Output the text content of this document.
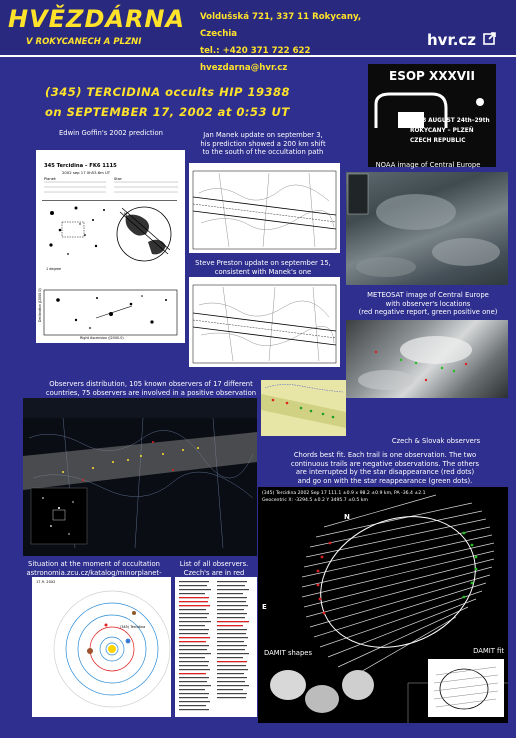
HVĚZDÁRNA
V ROKYCANECH A PLZNI
Voldušská 721, 337 11 Rokycany, Czechia
tel.: +420 371 722 622  hvezdarna@hvr.cz
hvr.cz
(345) TERCIDINA occults HIP 19388
on SEPTEMBER 17, 2002 at 0:53 UT
ESOP XXXVII
2018 AUGUST 24th–29th
ROKYCANY – PLZEŇ
CZECH REPUBLIC
Edwin Goffin's 2002 prediction
345 Tercidina – FK6 1115
2002 sep 17 0h53.6m UT
Planet:	Star:
N
1 degree
Right Ascension (J2000.0)
Declination (J2000.0)
Jan Manek update on september 3,
his prediction showed a 200 km shift
to the south of the occultation path
Steve Preston update on september 15,
consistent with Manek's one
NOAA image of Central Europe
METEOSAT image of Central Europe
with observer's locations
(red negative report, green positive one)
Observers distribution, 105 known observers of 17 different
countries, 75 observers are involved in a positive observation
Czech & Slovak observers
Chords best fit. Each trail is one observation. The two
continuous trails are negative observations. The others
are interrupted by the star disappearance (red dots)
and go on with the star reappearance (green dots).
(345) Tercidina 2002 Sep 17 111.1 ±0.9 x 98.2 ±0.9 km, PA -36.4 ±2.1
Geocentric X: -3294.5 ±0.2 Y 3495.7 ±0.5 km
N
E
DAMIT shapes	DAMIT fit
Situation at the moment of occultation
astronomia.zcu.cz/katalog/minorplanet-
List of all observers.
Czech's are in red
17.9. 2002
(345) Tercidina
